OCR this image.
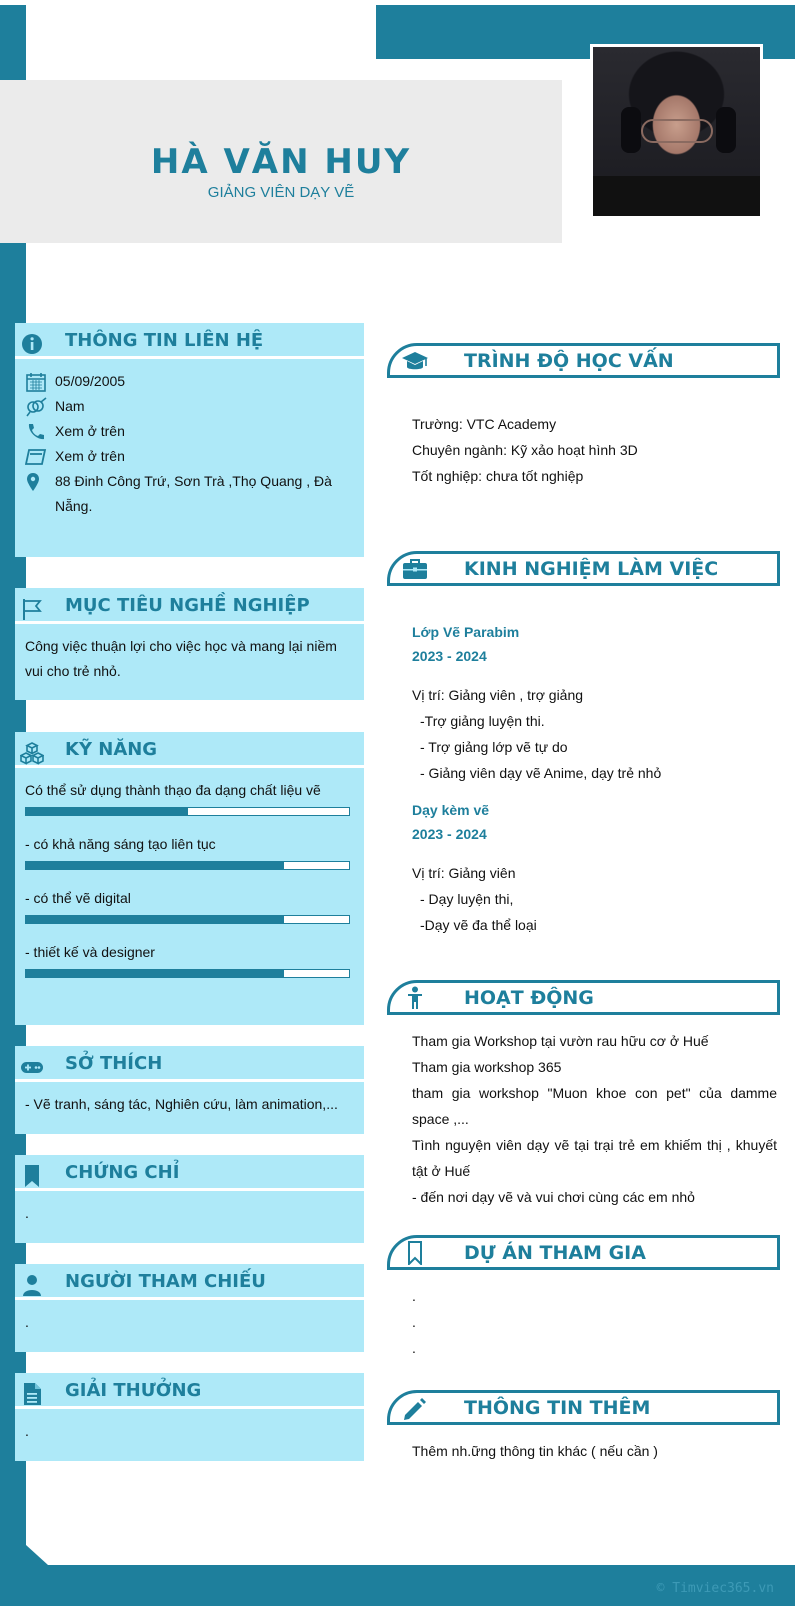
© Timviec365.vn
HÀ VĂN HUY
GIẢNG VIÊN DẠY VẼ
THÔNG TIN LIÊN HỆ
05/09/2005
Nam
Xem ở trên
Xem ở trên
88 Đinh Công Trứ, Sơn Trà ,Thọ Quang , Đà Nẵng.
MỤC TIÊU NGHỀ NGHIỆP
Công việc thuận lợi cho việc học và mang lại niềm vui cho trẻ nhỏ.
KỸ NĂNG
Có thể sử dụng thành thạo đa dạng chất liệu vẽ
- có khả năng sáng tạo liên tục
- có thể vẽ digital
- thiết kế và designer
SỞ THÍCH
- Vẽ tranh, sáng tác, Nghiên cứu, làm animation,...
CHỨNG CHỈ
.
NGƯỜI THAM CHIẾU
.
GIẢI THƯỞNG
.
TRÌNH ĐỘ HỌC VẤN
Trường: VTC Academy
Chuyên ngành: Kỹ xảo hoạt hình 3D
Tốt nghiệp: chưa tốt nghiệp
KINH NGHIỆM LÀM VIỆC
Lớp Vẽ Parabim
2023 - 2024
Vị trí: Giảng viên , trợ giảng
-Trợ giảng luyện thi.
- Trợ giảng lớp vẽ tự do
- Giảng viên dạy vẽ Anime, dạy trẻ nhỏ
Dạy kèm vẽ
2023 - 2024
Vị trí: Giảng viên
- Dạy luyện thi,
-Dạy vẽ đa thể loại
HOẠT ĐỘNG
Tham gia Workshop tại vườn rau hữu cơ ở Huế
Tham gia workshop 365
tham gia workshop "Muon khoe con pet" của damme space ,...
Tình nguyện viên dạy vẽ tại trại trẻ em khiếm thị , khuyết tật ở Huế
- đến nơi dạy vẽ và vui chơi cùng các em nhỏ
DỰ ÁN THAM GIA
.
.
.
THÔNG TIN THÊM
Thêm nh.ững thông tin khác ( nếu cần )
